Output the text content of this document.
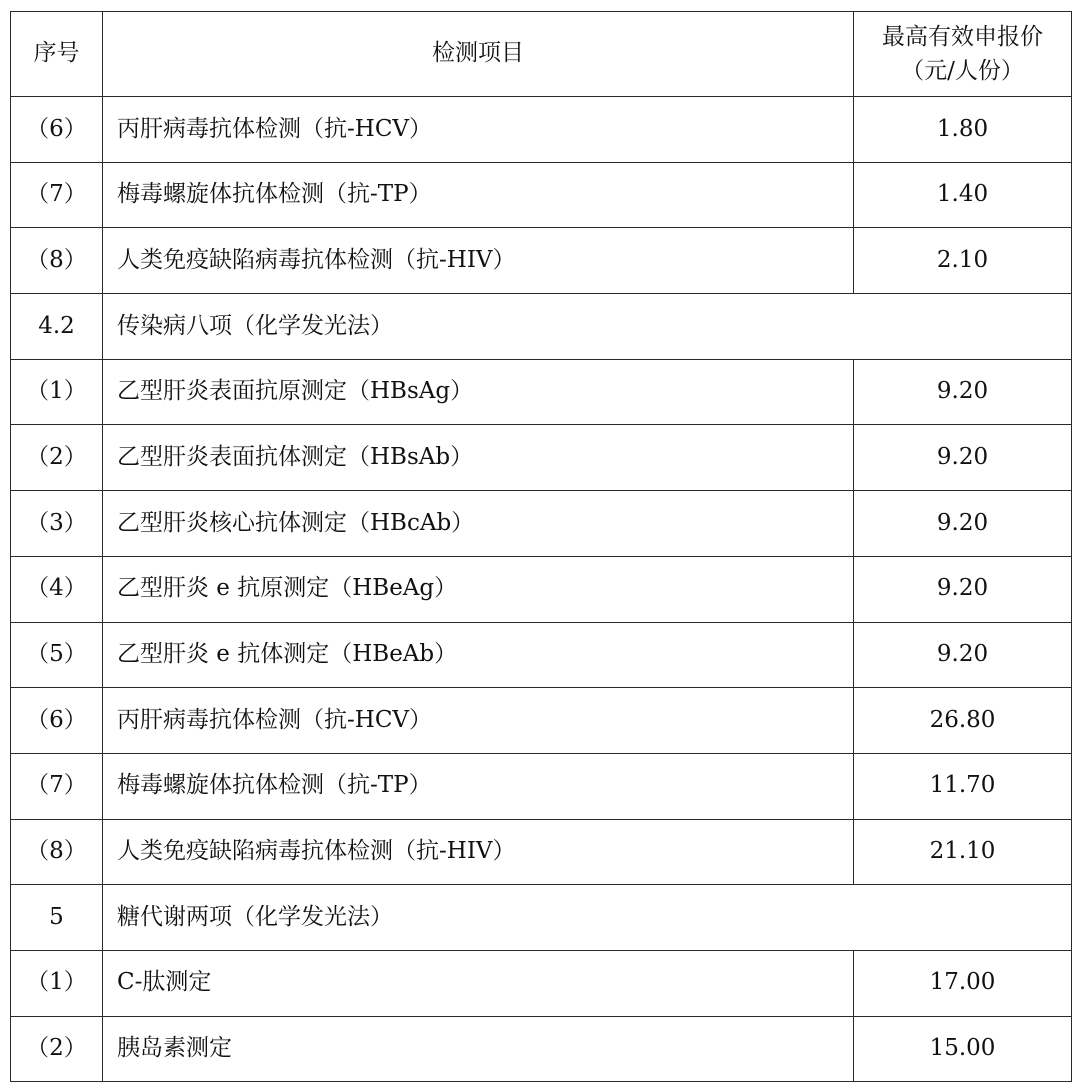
序号	检测项目	最高有效申报价
（元/人份）

（6）	丙肝病毒抗体检测（抗-HCV）	1.80
（7）	梅毒螺旋体抗体检测（抗-TP）	1.40
（8）	人类免疫缺陷病毒抗体检测（抗-HIV）	2.10
4.2	传染病八项（化学发光法）	
（1）	乙型肝炎表面抗原测定（HBsAg）	9.20
（2）	乙型肝炎表面抗体测定（HBsAb）	9.20
（3）	乙型肝炎核心抗体测定（HBcAb）	9.20
（4）	乙型肝炎 e 抗原测定（HBeAg）	9.20
（5）	乙型肝炎 e 抗体测定（HBeAb）	9.20
（6）	丙肝病毒抗体检测（抗-HCV）	26.80
（7）	梅毒螺旋体抗体检测（抗-TP）	11.70
（8）	人类免疫缺陷病毒抗体检测（抗-HIV）	21.10
5	糖代谢两项（化学发光法）	
（1）	C-肽测定	17.00
（2）	胰岛素测定	15.00
